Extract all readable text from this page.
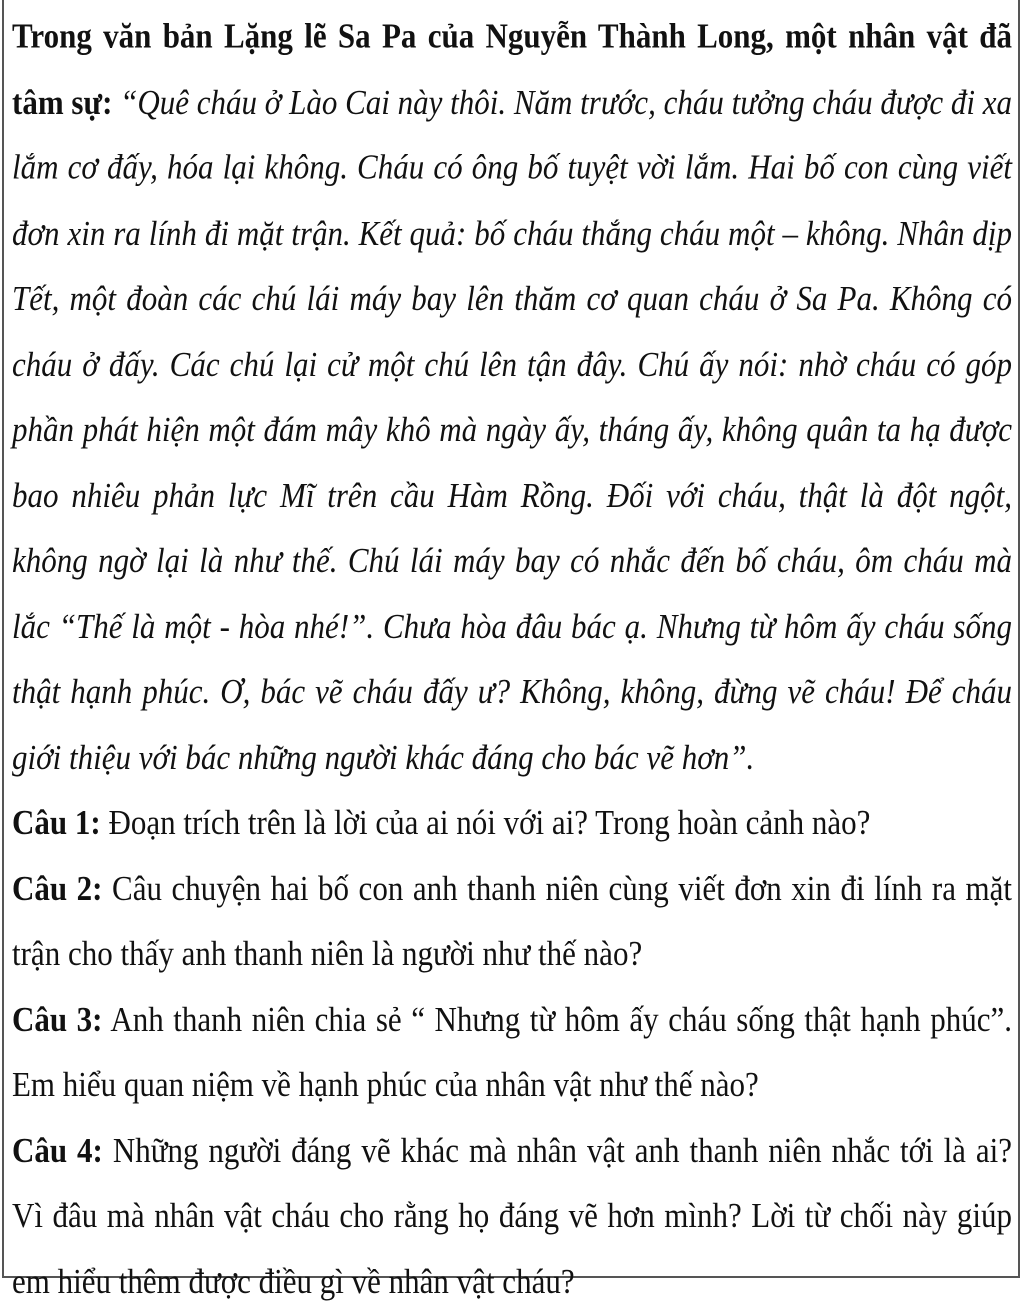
Trong văn bản Lặng lẽ Sa Pa của Nguyễn Thành Long, một nhân vật đã tâm sự: “Quê cháu ở Lào Cai này thôi. Năm trước, cháu tưởng cháu được đi xa lắm cơ đấy, hóa lại không. Cháu có ông bố tuyệt vời lắm. Hai bố con cùng viết đơn xin ra lính đi mặt trận. Kết quả: bố cháu thắng cháu một – không. Nhân dịp Tết, một đoàn các chú lái máy bay lên thăm cơ quan cháu ở Sa Pa. Không có cháu ở đấy. Các chú lại cử một chú lên tận đây. Chú ấy nói: nhờ cháu có góp phần phát hiện một đám mây khô mà ngày ấy, tháng ấy, không quân ta hạ được bao nhiêu phản lực Mĩ trên cầu Hàm Rồng. Đối với cháu, thật là đột ngột, không ngờ lại là như thế. Chú lái máy bay có nhắc đến bố cháu, ôm cháu mà lắc “Thế là một - hòa nhé!”. Chưa hòa đâu bác ạ. Nhưng từ hôm ấy cháu sống thật hạnh phúc. Ơ, bác vẽ cháu đấy ư? Không, không, đừng vẽ cháu! Để cháu giới thiệu với bác những người khác đáng cho bác vẽ hơn”.

Câu 1: Đoạn trích trên là lời của ai nói với ai? Trong hoàn cảnh nào?

Câu 2: Câu chuyện hai bố con anh thanh niên cùng viết đơn xin đi lính ra mặt trận cho thấy anh thanh niên là người như thế nào?

Câu 3: Anh thanh niên chia sẻ “ Nhưng từ hôm ấy cháu sống thật hạnh phúc”. Em hiểu quan niệm về hạnh phúc của nhân vật như thế nào?

Câu 4: Những người đáng vẽ khác mà nhân vật anh thanh niên nhắc tới là ai? Vì đâu mà nhân vật cháu cho rằng họ đáng vẽ hơn mình? Lời từ chối này giúp em hiểu thêm được điều gì về nhân vật cháu?
